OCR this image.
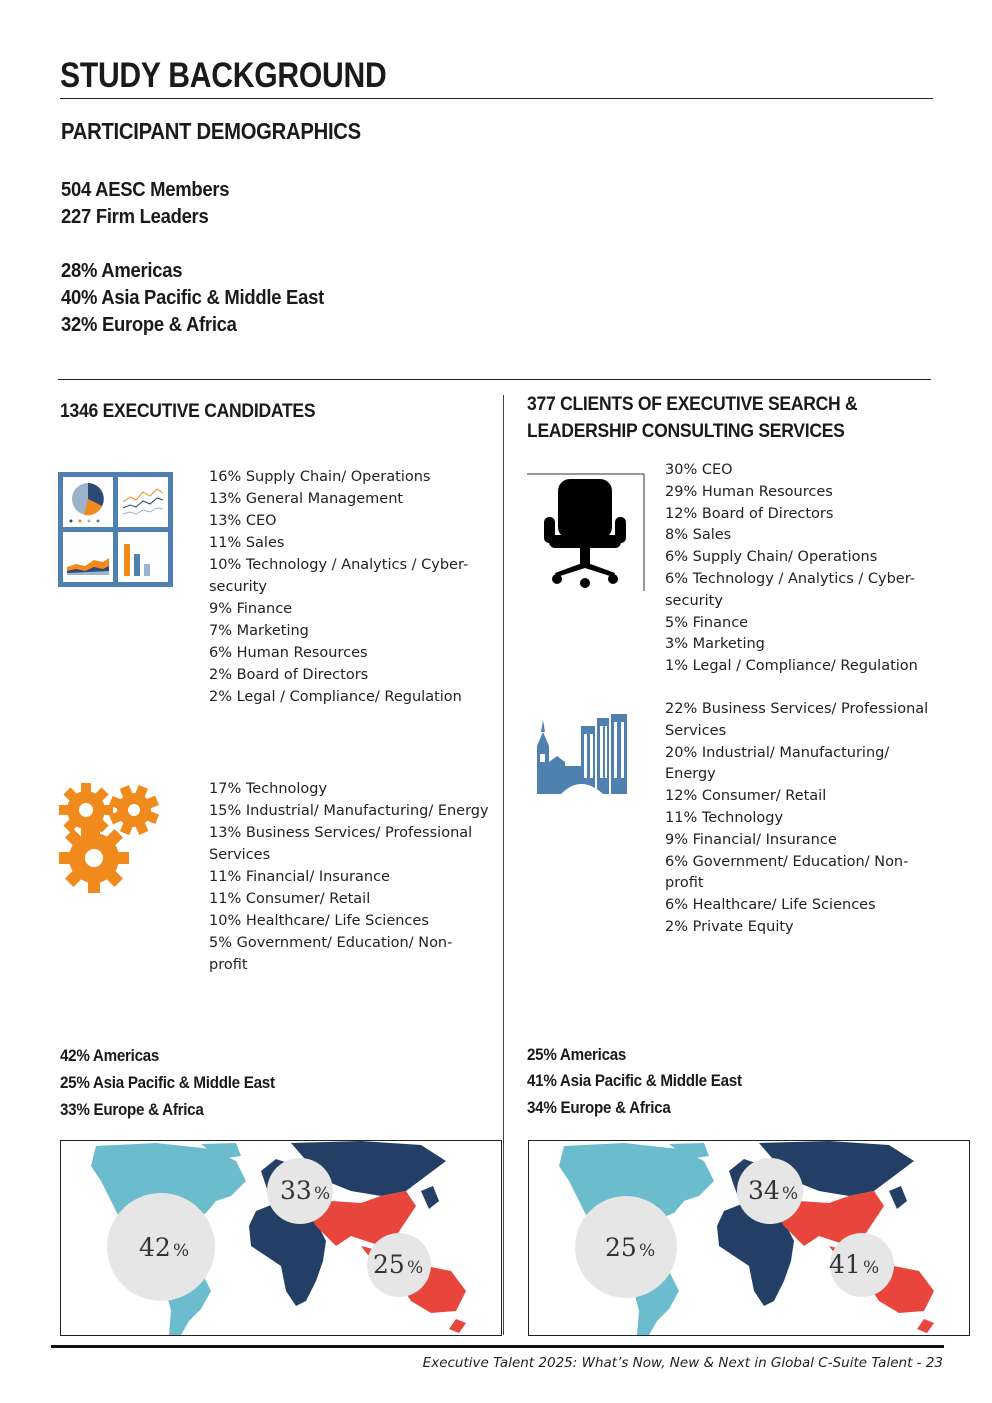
STUDY BACKGROUND
PARTICIPANT DEMOGRAPHICS
504 AESC Members
227 Firm Leaders
28% Americas
40% Asia Pacific & Middle East
32% Europe & Africa
1346 EXECUTIVE CANDIDATES
16% Supply Chain/ Operations
13% General Management
13% CEO
11% Sales
10% Technology / Analytics / Cyber-security
9% Finance
7% Marketing
6% Human Resources
2% Board of Directors
2% Legal / Compliance/ Regulation
17% Technology
15% Industrial/ Manufacturing/ Energy
13% Business Services/ Professional Services
11% Financial/ Insurance
11% Consumer/ Retail
10% Healthcare/ Life Sciences
5% Government/ Education/ Non-profit
42% Americas
25% Asia Pacific & Middle East
33% Europe & Africa
42 %
33 %
25 %
377 CLIENTS OF EXECUTIVE SEARCH &
LEADERSHIP CONSULTING SERVICES
30% CEO
29% Human Resources
12% Board of Directors
8% Sales
6% Supply Chain/ Operations
6% Technology / Analytics / Cyber-security
5% Finance
3% Marketing
1% Legal / Compliance/ Regulation
22% Business Services/ Professional Services
20% Industrial/ Manufacturing/ Energy
12% Consumer/ Retail
11% Technology
9% Financial/ Insurance
6% Government/ Education/ Non-profit
6% Healthcare/ Life Sciences
2% Private Equity
25% Americas
41% Asia Pacific & Middle East
34% Europe & Africa
25 %
34 %
41 %
Executive Talent 2025: What’s Now, New & Next in Global C-Suite Talent - 23
